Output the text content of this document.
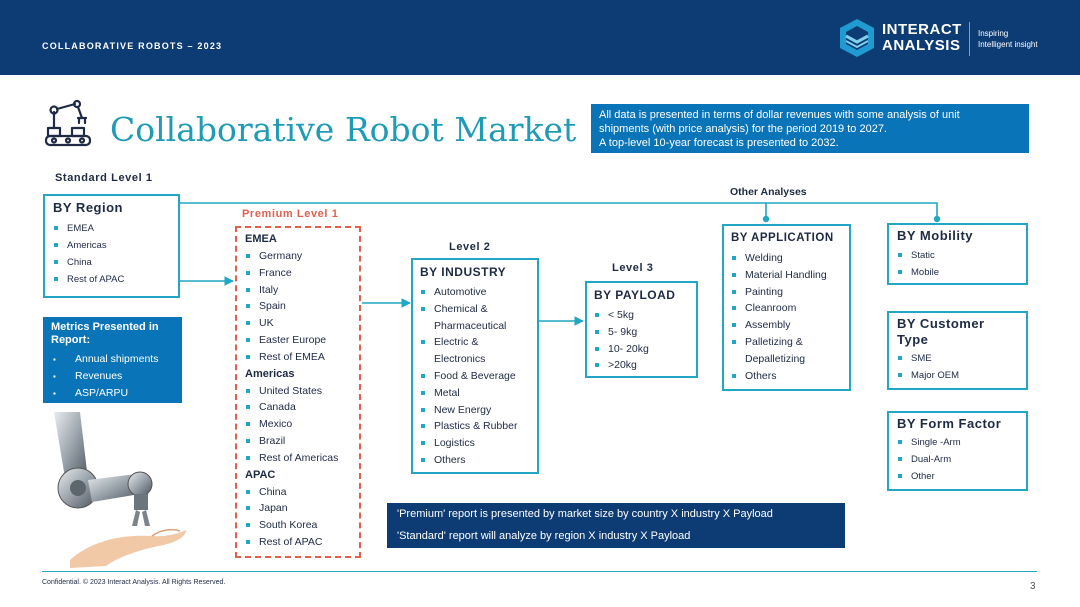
COLLABORATIVE ROBOTS – 2023
INTERACT
ANALYSIS
Inspiring
Intelligent insight
Collaborative Robot Market All data is presented in terms of dollar revenues with some analysis of unit
shipments (with price analysis) for the period 2019 to 2027.
A top-level 10-year forecast is presented to 2032.
Standard Level 1
Premium Level 1
Level 2
Level 3
Other Analyses
BY Region
EMEA
Americas
China
Rest of APAC
Metrics Presented in Report:
▪ Annual shipments
▪ Revenues
▪ ASP/ARPU
EMEA
Germany
France
Italy
Spain
UK
Easter Europe
Rest of EMEA
Americas
United States
Canada
Mexico
Brazil
Rest of Americas
APAC
China
Japan
South Korea
Rest of APAC
BY INDUSTRY
Automotive
Chemical &
Pharmaceutical
Electric &
Electronics
Food & Beverage
Metal
New Energy
Plastics & Rubber
Logistics
Others
BY PAYLOAD
< 5kg
5- 9kg
10- 20kg
>20kg
BY APPLICATION
Welding
Material Handling
Painting
Cleanroom
Assembly
Palletizing &
Depalletizing
Others
BY Mobility
Static
Mobile
BY Customer
Type
SME
Major OEM
BY Form Factor
Single -Arm
Dual-Arm
Other
'Premium' report is presented by market size by country X industry X Payload
'Standard' report will analyze by region X industry X Payload
Confidential. © 2023 Interact Analysis. All Rights Reserved.	3
